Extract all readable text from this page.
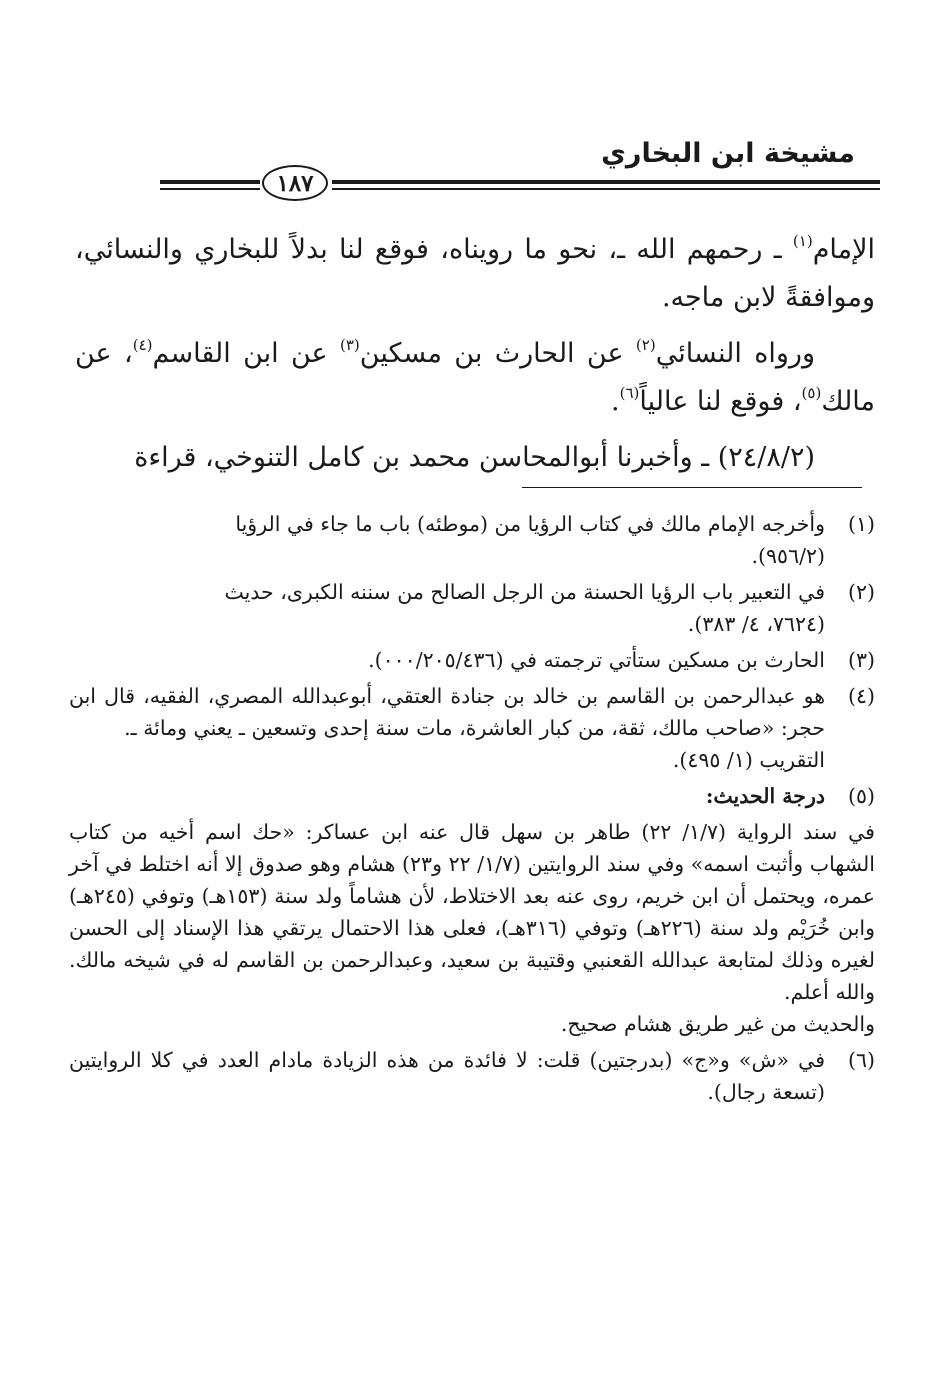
مشيخة ابن البخاري
١٨٧

الإمام$^{(١)}$ ـ رحمهم الله ـ، نحو ما رويناه، فوقع لنا بدلاً للبخاري والنسائي، وموافقةً لابن ماجه.

ورواه النسائي$^{(٢)}$ عن الحارث بن مسكين$^{(٣)}$ عن ابن القاسم$^{(٤)}$، عن مالك$^{(٥)}$، فوقع لنا عالياً$^{(٦)}$.

(٢٤/٨/٢) ـ وأخبرنا أبوالمحاسن محمد بن كامل التنوخي، قراءة

(١)
وأخرجه الإمام مالك في كتاب الرؤيا من (موطئه) باب ما جاء في الرؤيا
(٩٥٦/٢).
(٢)
في التعبير باب الرؤيا الحسنة من الرجل الصالح من سننه الكبرى، حديث
(٧٦٢٤، ٤/ ٣٨٣).
(٣)
الحارث بن مسكين ستأتي ترجمته في (٠٠٠/٢٠٥/٤٣٦).
(٤)
هو عبدالرحمن بن القاسم بن خالد بن جنادة العتقي، أبوعبدالله المصري، الفقيه، قال ابن حجر: «صاحب مالك، ثقة، من كبار العاشرة، مات سنة إحدى وتسعين ـ يعني ومائة ـ.
التقريب (١/ ٤٩٥).
(٥)
درجة الحديث:
في سند الرواية (١/٧/ ٢٢) طاهر بن سهل قال عنه ابن عساكر: «حك اسم أخيه من كتاب الشهاب وأثبت اسمه» وفي سند الروايتين (١/٧/ ٢٢ و٢٣) هشام وهو صدوق إلا أنه اختلط في آخر عمره، ويحتمل أن ابن خريم، روى عنه بعد الاختلاط، لأن هشاماً ولد سنة (١٥٣هـ) وتوفي (٢٤٥هـ) وابن خُرَيْم ولد سنة (٢٢٦هـ) وتوفي (٣١٦هـ)، فعلى هذا الاحتمال يرتقي هذا الإسناد إلى الحسن لغيره وذلك لمتابعة عبدالله القعنبي وقتيبة بن سعيد، وعبدالرحمن بن القاسم له في شيخه مالك. والله أعلم.
والحديث من غير طريق هشام صحيح.
(٦)
في «ش» و«ج» (بدرجتين) قلت: لا فائدة من هذه الزيادة مادام العدد في كلا الروايتين (تسعة رجال).
